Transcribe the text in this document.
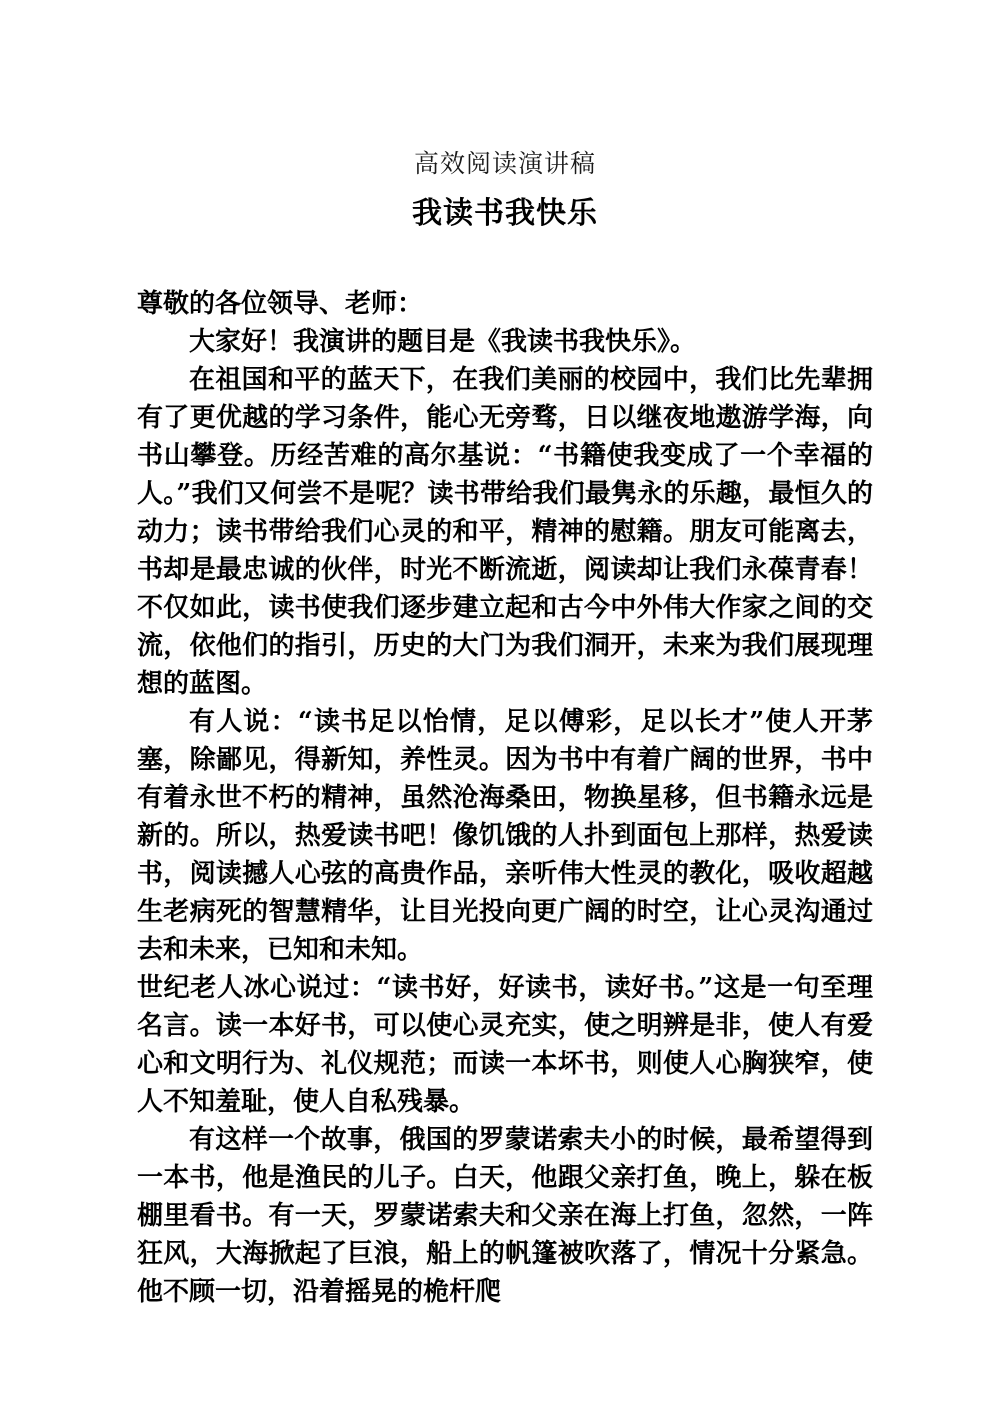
高效阅读演讲稿

我读书我快乐

尊敬的各位领导、老师：

大家好！我演讲的题目是《我读书我快乐》。

在祖国和平的蓝天下，在我们美丽的校园中，我们比先辈拥有了更优越的学习条件，能心无旁骛，日以继夜地遨游学海，向书山攀登。历经苦难的高尔基说：“书籍使我变成了一个幸福的人。”我们又何尝不是呢？读书带给我们最隽永的乐趣，最恒久的动力；读书带给我们心灵的和平，精神的慰籍。朋友可能离去，书却是最忠诚的伙伴，时光不断流逝，阅读却让我们永葆青春！不仅如此，读书使我们逐步建立起和古今中外伟大作家之间的交流，依他们的指引，历史的大门为我们洞开，未来为我们展现理想的蓝图。

有人说：“读书足以怡情，足以傅彩，足以长才”使人开茅塞，除鄙见，得新知，养性灵。因为书中有着广阔的世界，书中有着永世不朽的精神，虽然沧海桑田，物换星移，但书籍永远是新的。所以，热爱读书吧！像饥饿的人扑到面包上那样，热爱读书，阅读撼人心弦的高贵作品，亲听伟大性灵的教化，吸收超越生老病死的智慧精华，让目光投向更广阔的时空，让心灵沟通过去和未来，已知和未知。

世纪老人冰心说过：“读书好，好读书，读好书。”这是一句至理名言。读一本好书，可以使心灵充实，使之明辨是非，使人有爱心和文明行为、礼仪规范；而读一本坏书，则使人心胸狭窄，使人不知羞耻，使人自私残暴。

有这样一个故事，俄国的罗蒙诺索夫小的时候，最希望得到一本书，他是渔民的儿子。白天，他跟父亲打鱼，晚上，躲在板棚里看书。有一天，罗蒙诺索夫和父亲在海上打鱼，忽然，一阵狂风，大海掀起了巨浪，船上的帆篷被吹落了，情况十分紧急。他不顾一切，沿着摇晃的桅杆爬
